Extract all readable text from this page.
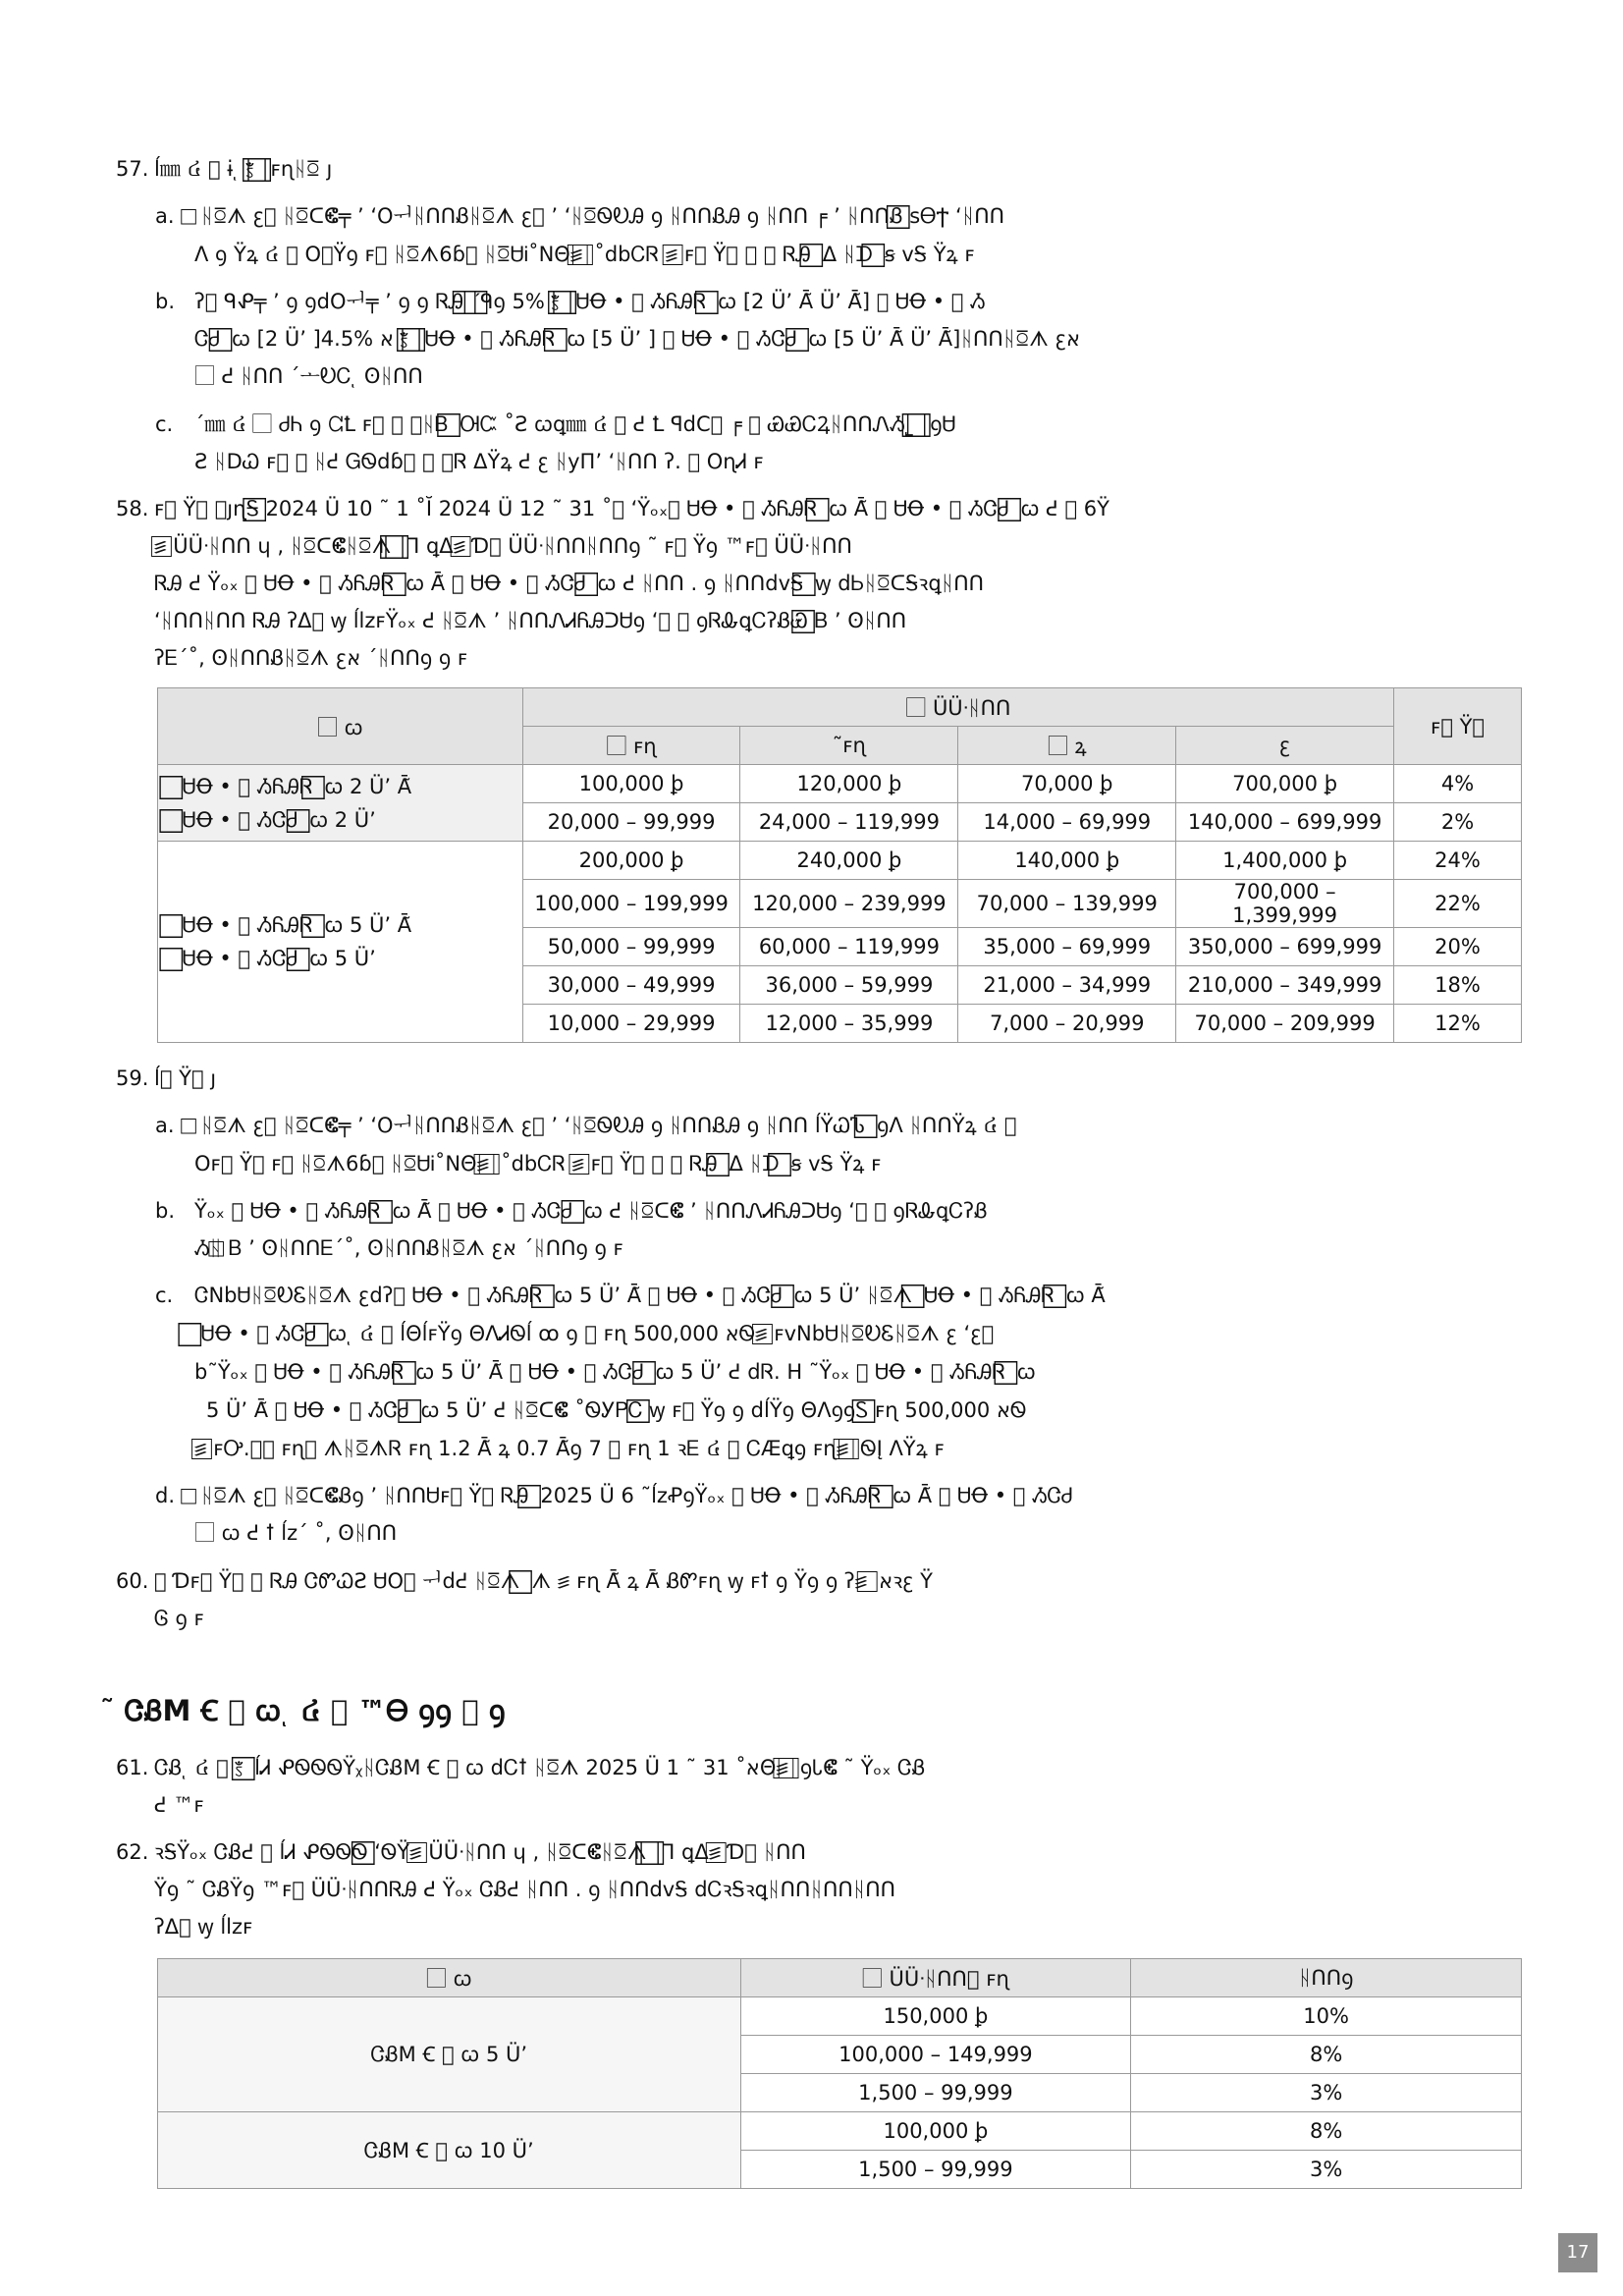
57. ĺ㎜ ៤ ⃞ ɨ ͅ ꣷ ⃞ ⃞ ꜰɳᚺꗞ ȷ
a. ⃞ ᚺꗞᗑ ꜫ⃞ ᚺꗞᑕⵞ╤ ’ ʻΟᅱᚺᑎᑎᏰᚺꗞᗑ ꜫ⃞ ’ ʻᚺꗞᏫᎧᎯ ꝯ ᚺᑎᑎᏰᎯ ꝯ ᚺᑎᑎ ╒ ’ ᚺᑎᑎᏰ⃞ ꜱᎾϮ ʻᚺᑎᑎ
ᐱ ꝯ Ÿꝝ ៤ ⃞ Օ⃞Ÿꝯ ꜰ⃞ ᚺꗞᗑ6ɓ⃞ ᚺꗞᏌᎥ˚ꓠΘ꠵⃞ ⃞ ˚dbᏟᏒ ꠵⃞ ꜰ⃞ Ÿꝯ ꝯ ⃞ ᏒᎯ ⃞ ᐃ ᚺᗪ ⃞ ꞩ vᎦ Ÿꝝ ꜰ
b. ʔ⃞ ᑫᕵ╤ ’ ꝯ ꝯdΟᅱ╤ ’ ꝯ ꝯ ᏒᎯ ⃞ ˊ⃞ᑫꝯ 5% ꣷ ⃞ ⃞ ᏌꝊ • ⃞ ᏱᏲᎯᏒ ⃞ ꞷ [2 Ü’ Ā̃ Ü’ Ā̃] ⃞ ᏌꝊ • ⃞ Ᏹ
ᏣᏧ ⃞ ꞷ [2 Ü’ ]א 4.5% ꣷ ⃞ ⃞ ᏌꝊ • ⃞ ᏱᏲᎯᏒ ⃞ ꞷ [5 Ü’ ] ⃞ ᏌꝊ • ⃞ ᏱᏣᏧ ⃞ ꞷ [5 Ü’ Ā̃ Ü’ Ā̃]ᚺᑎᑎᚺꗞᗑ ꜫא
⃞ ᕍ ᚺᑎᑎ ˊᅩᎧᏟ ͅ ʘᚺᑎᑎ
c. ˊ㎜ ៤ ⃞ ᏧᏂ ꝯ ᘳꝈ ꜰ⃞ ⃞ ꝯᚺᏴ ⃞ ᎺᏨ ˚Ƨ ꞷꝗ㎜ ៤ ⃞ ᕍ Ꝉ ꟼdC⃞ ╒ ⃞ ᏯᏯᏟꝜᚺᑎᑎᏁᏱ˾ ⃞ ⃞ ꝯᏌ
Ƨ ᚺᗞᏇ ꜰ⃞ ⃞ ᚺᕍ ᏀᏫdɓ⃞ ⃞ ꝯᏒ ᐃŸꝝ ᕍ ꜫ ᚺyΠ’ ʻᚺᑎᑎ ʔ. ⃞ ΟɳᏗ ꜰ
58. ꜰ⃞ Ÿꝯ ꝯȷɳᎦ⃞ 2024 Ü 10 ˜ 1 ˚Ĭ 2024 Ü 12 ˜ 31 ˚⃞ ʻŸₒₓ⃞ ᏌꝊ • ⃞ ᏱᏲᎯᏒ ⃞ ꞷ Ā̃ ⃞ ᏌꝊ • ⃞ ᏱᏣᏧ ⃞ ꞷ ᕍ ⃞ 6Ÿ
꠵⃞ ÜÜᐧᚺᑎᑎ ɥ , ᚺꗞᑕⵞᚺꗞᗑ ⃞ ⃞ Ꞁ ꝗᐃ꠵⃞ Ɗ⃞ ÜÜᐧᚺᑎᑎᚺᑎᑎꝯ ˜ ꜰ⃞ Ÿꝯ ™ꜰ⃞ ÜÜᐧᚺᑎᑎ
ᏒᎯ ᕍ Ÿₒₓ ⃞ ᏌꝊ • ⃞ ᏱᏲᎯᏒ ⃞ ꞷ Ā̃ ⃞ ᏌꝊ • ⃞ ᏱᏣᏧ ⃞ ꞷ ᕍ ᚺᑎᑎ . ꝯ ᚺᑎᑎdvᎦ ⃞ ꝡ dᏏᚺꗞᑕᎦꝛꝗᚺᑎᑎ
ʻᚺᑎᑎᚺᑎᑎ ᏒᎯ ʔᐃ⃞ ꝡ ĺlzꜰŸₒₓ ᕍ ᚺꗞᗑ ’ ᚺᑎᑎᏁᏗᏲᎯᑐᏌꝯ ʻ⃞ ⃞ ꝯᏒᎲꝗᏟʔᏰᏯ⃞ Ᏼ ’ ʘᚺᑎᑎ
ʔᎬˊ˚, ʘᚺᑎᑎᏰᚺꗞᗑ ꜫא ˊᚺᑎᑎꝯ ꝯ ꜰ
⃞ ꞷ	⃞ ÜÜᐧᚺᑎᑎ				ꜰ⃞ Ÿꝯ
	⃞ ꜰɳ	˜ꜰɳ	⃞ ꝝ	ꜫ	

⃞ ᏌꝊ • ⃞ ᏱᏲᎯᏒ ⃞ ꞷ 2 Ü’ Ā̃
⃞ ᏌꝊ • ⃞ ᏱᏣᏧ ⃞ ꞷ 2 Ü’	100,000 ꝧ	120,000 ꝧ	70,000 ꝧ	700,000 ꝧ	4%
	20,000 – 99,999	24,000 – 119,999	14,000 – 69,999	140,000 – 699,999	2%

⃞ ᏌꝊ • ⃞ ᏱᏲᎯᏒ ⃞ ꞷ 5 Ü’ Ā̃
⃞ ᏌꝊ • ⃞ ᏱᏣᏧ ⃞ ꞷ 5 Ü’	200,000 ꝧ	240,000 ꝧ	140,000 ꝧ	1,400,000 ꝧ	24%
	100,000 – 199,999	120,000 – 239,999	70,000 – 139,999	700,000 – 1,399,999	22%
	50,000 – 99,999	60,000 – 119,999	35,000 – 69,999	350,000 – 699,999	20%
	30,000 – 49,999	36,000 – 59,999	21,000 – 34,999	210,000 – 349,999	18%
	10,000 – 29,999	12,000 – 35,999	7,000 – 20,999	70,000 – 209,999	12%
59. ĺ⃞ Ÿꝯ ȷ
a. ⃞ ᚺꗞᗑ ꜫ⃞ ᚺꗞᑕⵞ╤ ’ ʻΟᅱᚺᑎᑎᏰᚺꗞᗑ ꜫ⃞ ’ ʻᚺꗞᏫᎧᎯ ꝯ ᚺᑎᑎᏰᎯ ꝯ ᚺᑎᑎ ĺŸᏇᏖ ⃞ ꝯᐱ ᚺᑎᑎŸꝝ ៤ ⃞
Օꜰ⃞ Ÿꝯ ꜰ⃞ ᚺꗞᗑ6ɓ⃞ ᚺꗞᏌᎥ˚ꓠΘ꠵⃞ ⃞ ˚dbᏟᏒ ꠵⃞ ꜰ⃞ Ÿꝯ ꝯ ⃞ ᏒᎯ ⃞ ᐃ ᚺᗪ ⃞ ꞩ vᎦ Ÿꝝ ꜰ
b. Ÿₒₓ ⃞ ᏌꝊ • ⃞ ᏱᏲᎯᏒ ⃞ ꞷ Ā̃ ⃞ ᏌꝊ • ⃞ ᏱᏣᏧ ⃞ ꞷ ᕍ ᚺꗞᑕⵞ ’ ᚺᑎᑎᏁᏗᏲᎯᑐᏌꝯ ʻ⃞ ⃞ ꝯᏒᎲꝗᏟʔᏰ
Ᏹᚺ⃞ Ᏼ ’ ʘᚺᑎᑎᎬˊ˚, ʘᚺᑎᑎᏰᚺꗞᗑ ꜫא ˊᚺᑎᑎꝯ ꝯ ꜰ
c. ᏣNbᏌᚺꗞᎧᏋᚺꗞᗑ ꜫdʔ⃞ ᏌꝊ • ⃞ ᏱᏲᎯᏒ ⃞ ꞷ 5 Ü’ Ā̃ ⃞ ᏌꝊ • ⃞ ᏱᏣᏧ ⃞ ꞷ 5 Ü’ ᚺꗞᗑ ⃞ ᏌꝊ • ⃞ ᏱᏲᎯᏒ ⃞ ꞷ Ā̃
⃞ ᏌꝊ • ⃞ ᏱᏣᏧ ⃞ ꞷ ͅ ៤ ⃞ ĺΘĺꜰŸꝯ ΘᐱᏗᏫĺ ꝏ ꝯ ⃞ ꜰɳ 500,000 אᏫ꠵⃞ ꜰvNbᏌᚺꗞᎧᏋᚺꗞᗑ ꜫ ʻꜫ⃞
b˜Ÿₒₓ ⃞ ᏌꝊ • ⃞ ᏱᏲᎯᏒ ⃞ ꞷ 5 Ü’ Ā̃ ⃞ ᏌꝊ • ⃞ ᏱᏣᏧ ⃞ ꞷ 5 Ü’ ᕍ dᏒ. ᕼ ˜Ÿₒₓ ⃞ ᏌꝊ • ⃞ ᏱᏲᎯᏒ ⃞ ꞷ
5 Ü’ Ā̃ ⃞ ᏌꝊ • ⃞ ᏱᏣᏧ ⃞ ꞷ 5 Ü’ ᕍ ᚺꗞᑕⵞ ˚ᏫᎩᏢᏟ⃞ ꝡ ꜰ⃞ Ÿꝯ ꝯ dĺŸꝯ ΘᐱꝯꝯᏚ⃞ ꜰɳ 500,000 אᏫ
꠵⃞ ꜰᎤ.ꝯ⃞ ꜰɳ⃞ ᗑᚺꗞᗑᏒ ꜰɳ 1.2 Ā̃ ꝝ 0.7 Ā̃ꝯ 7 ⃞ ꜰɳ 1 ꝛᎬ ៤ ⃞ ᏟÆꝗꝯ ꜰɳ꠵⃞ ⃞ ᏫĮ ᐱŸꝝ ꜰ
d. ⃞ ᚺꗞᗑ ꜫ⃞ ᚺꗞᑕⵞᏰꝯ ’ ᚺᑎᑎᏌꜰ⃞ Ÿꝯ ᏒᎯ ⃞ 2025 Ü 6 ˜ĺzꝒꝯŸₒₓ ⃞ ᏌꝊ • ⃞ ᏱᏲᎯᏒ ⃞ ꞷ Ā̃ ⃞ ᏌꝊ • ⃞ ᏱᏣᏧ
⃞ ꞷ ᕍ ꝉ ĺzˊ ˚, ʘᚺᑎᑎ
60. ⃞ Ɗꜰ⃞ Ÿꝯ ꝯ ᏒᎯ ᏣᏛᏇƧ ᏌΟ⃞ ᅱdᕍ ᚺꗞᗑ ⃞ ᗑ ꠵ ꜰɳ Ā̃ ꝝ Ā̃ ᏰᏛꜰɳ ꝡ ꜰꝉ ꝯ Ÿꝯ ꝯ ʔ꠵ ⃞ אꝛꜫ Ÿ
Ꮆ ꝯ ꜰ
˜ ᏣᏰM Ꞓ ⃞ ꞷ ͅ ៤ ⃞ ™Ꮎ ꝯꝯ ⃞ ꝯ
61. ᏣᏰ ͅ ៤ ⃞ ꣷ ⃞ ĺᏗ ᕵᏫᏫᏫŸᵪᚺᏣᏰM Ꞓ ⃞ ꞷ dᏟꝉ ᚺꗞᗑ 2025 Ü 1 ˜ 31 ˚אΘ꠵⃞ ⃞ ꝯᏓⵞ ˜ Ÿₒₓ ᏣᏰ
ᕍ ™ꜰ
62. ꝛᎦŸₒₓ ᏣᏰᕍ ⃞ ĺᏗ ᕵᏫᏫᏫ⃞ ʻᏫŸ꠵⃞ ÜÜᐧᚺᑎᑎ ɥ , ᚺꗞᑕⵞᚺꗞᗑ ⃞ ⃞ Ꞁ ꝗᐃ꠵⃞ Ɗ⃞ ᚺᑎᑎ
Ÿꝯ ˜ ᏣᏰŸꝯ ™ꜰ⃞ ÜÜᐧᚺᑎᑎᏒᎯ ᕍ Ÿₒₓ ᏣᏰᕍ ᚺᑎᑎ . ꝯ ᚺᑎᑎdvᎦ dᏟꝛᎦꝛꝗᚺᑎᑎᚺᑎᑎᚺᑎᑎ
ʔᐃ⃞ ꝡ ĺlzꜰ
⃞ ꞷ	⃞ ÜÜᐧᚺᑎᑎ⃞ ꜰɳ	ᚺᑎᑎꝯ
ᏣᏰM Ꞓ ⃞ ꞷ 5 Ü’	150,000 ꝧ	10%
	100,000 – 149,999	8%
	1,500 – 99,999	3%
ᏣᏰM Ꞓ ⃞ ꞷ 10 Ü’	100,000 ꝧ	8%
	1,500 – 99,999	3%
17
